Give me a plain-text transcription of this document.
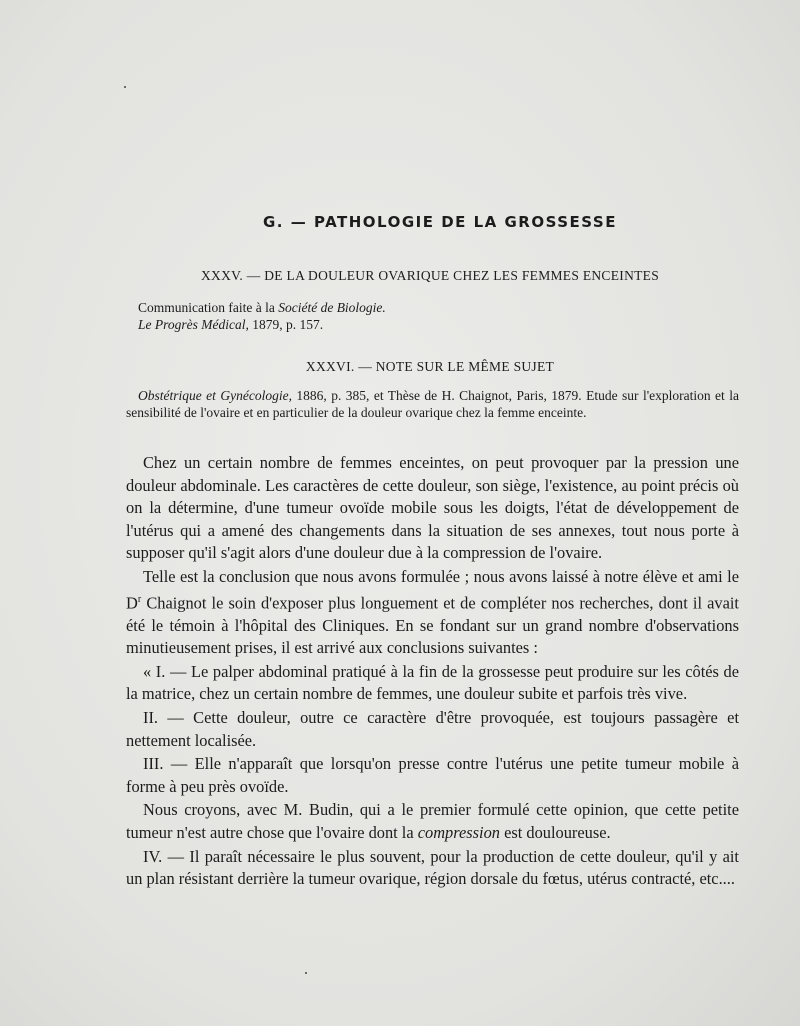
G. — PATHOLOGIE DE LA GROSSESSE
XXXV. — DE LA DOULEUR OVARIQUE CHEZ LES FEMMES ENCEINTES
Communication faite à la Société de Biologie.
Le Progrès Médical, 1879, p. 157.
XXXVI. — NOTE SUR LE MÊME SUJET
Obstétrique et Gynécologie, 1886, p. 385, et Thèse de H. Chaignot, Paris, 1879. Etude sur l'exploration et la sensibilité de l'ovaire et en particulier de la douleur ovarique chez la femme enceinte.

Chez un certain nombre de femmes enceintes, on peut provoquer par la pression une douleur abdominale. Les caractères de cette douleur, son siège, l'existence, au point précis où on la détermine, d'une tumeur ovoïde mobile sous les doigts, l'état de développement de l'utérus qui a amené des changements dans la situation de ses annexes, tout nous porte à supposer qu'il s'agit alors d'une douleur due à la compression de l'ovaire.

Telle est la conclusion que nous avons formulée ; nous avons laissé à notre élève et ami le $D^r$ Chaignot le soin d'exposer plus longuement et de compléter nos recherches, dont il avait été le témoin à l'hôpital des Cliniques. En se fondant sur un grand nombre d'observations minutieusement prises, il est arrivé aux conclusions suivantes :

« I. — Le palper abdominal pratiqué à la fin de la grossesse peut produire sur les côtés de la matrice, chez un certain nombre de femmes, une douleur subite et parfois très vive.

II. — Cette douleur, outre ce caractère d'être provoquée, est toujours passagère et nettement localisée.

III. — Elle n'apparaît que lorsqu'on presse contre l'utérus une petite tumeur mobile à forme à peu près ovoïde.

Nous croyons, avec M. Budin, qui a le premier formulé cette opinion, que cette petite tumeur n'est autre chose que l'ovaire dont la compression est douloureuse.

IV. — Il paraît nécessaire le plus souvent, pour la production de cette douleur, qu'il y ait un plan résistant derrière la tumeur ovarique, région dorsale du fœtus, utérus contracté, etc....
